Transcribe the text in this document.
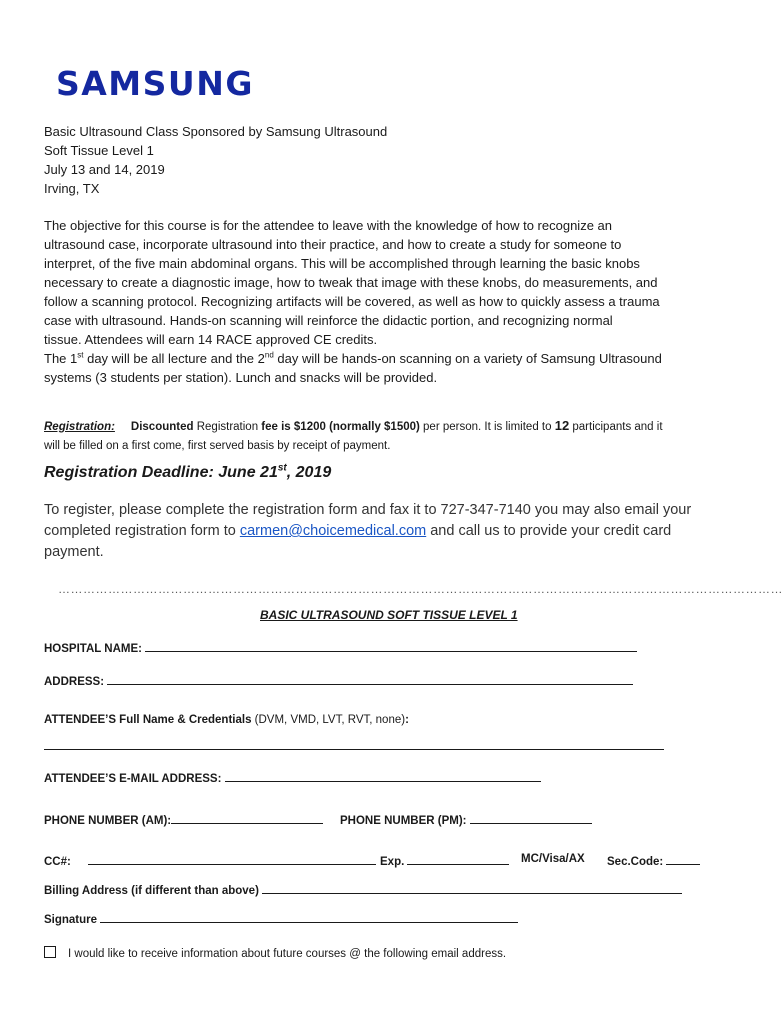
SAMSUNG
Basic Ultrasound Class Sponsored by Samsung Ultrasound
Soft Tissue Level 1
July 13 and 14, 2019
Irving, TX
The objective for this course is for the attendee to leave with the knowledge of how to recognize an
ultrasound case, incorporate ultrasound into their practice, and how to create a study for someone to
interpret, of the five main abdominal organs. This will be accomplished through learning the basic knobs
necessary to create a diagnostic image, how to tweak that image with these knobs, do measurements, and
follow a scanning protocol. Recognizing artifacts will be covered, as well as how to quickly assess a trauma
case with ultrasound. Hands-on scanning will reinforce the didactic portion, and recognizing normal
tissue. Attendees will earn 14 RACE approved CE credits.
The 1st day will be all lecture and the 2nd day will be hands-on scanning on a variety of Samsung Ultrasound
systems (3 students per station). Lunch and snacks will be provided.
Registration: Discounted Registration fee is $1200 (normally $1500) per person. It is limited to 12 participants and it
will be filled on a first come, first served basis by receipt of payment.
Registration Deadline: June 21st, 2019
To register, please complete the registration form and fax it to 727-347-7140 you may also email your
completed registration form to carmen@choicemedical.com and call us to provide your credit card
payment.
…………………………………………………………………………………………………………………………………………………………
BASIC ULTRASOUND SOFT TISSUE LEVEL 1
HOSPITAL NAME:
ADDRESS:
ATTENDEE’S Full Name & Credentials (DVM, VMD, LVT, RVT, none):
ATTENDEE’S E-MAIL ADDRESS:
PHONE NUMBER (AM):	PHONE NUMBER (PM):
CC#:	Exp.	MC/Visa/AX Sec.Code:
Billing Address (if different than above)
Signature
I would like to receive information about future courses @ the following email address.
